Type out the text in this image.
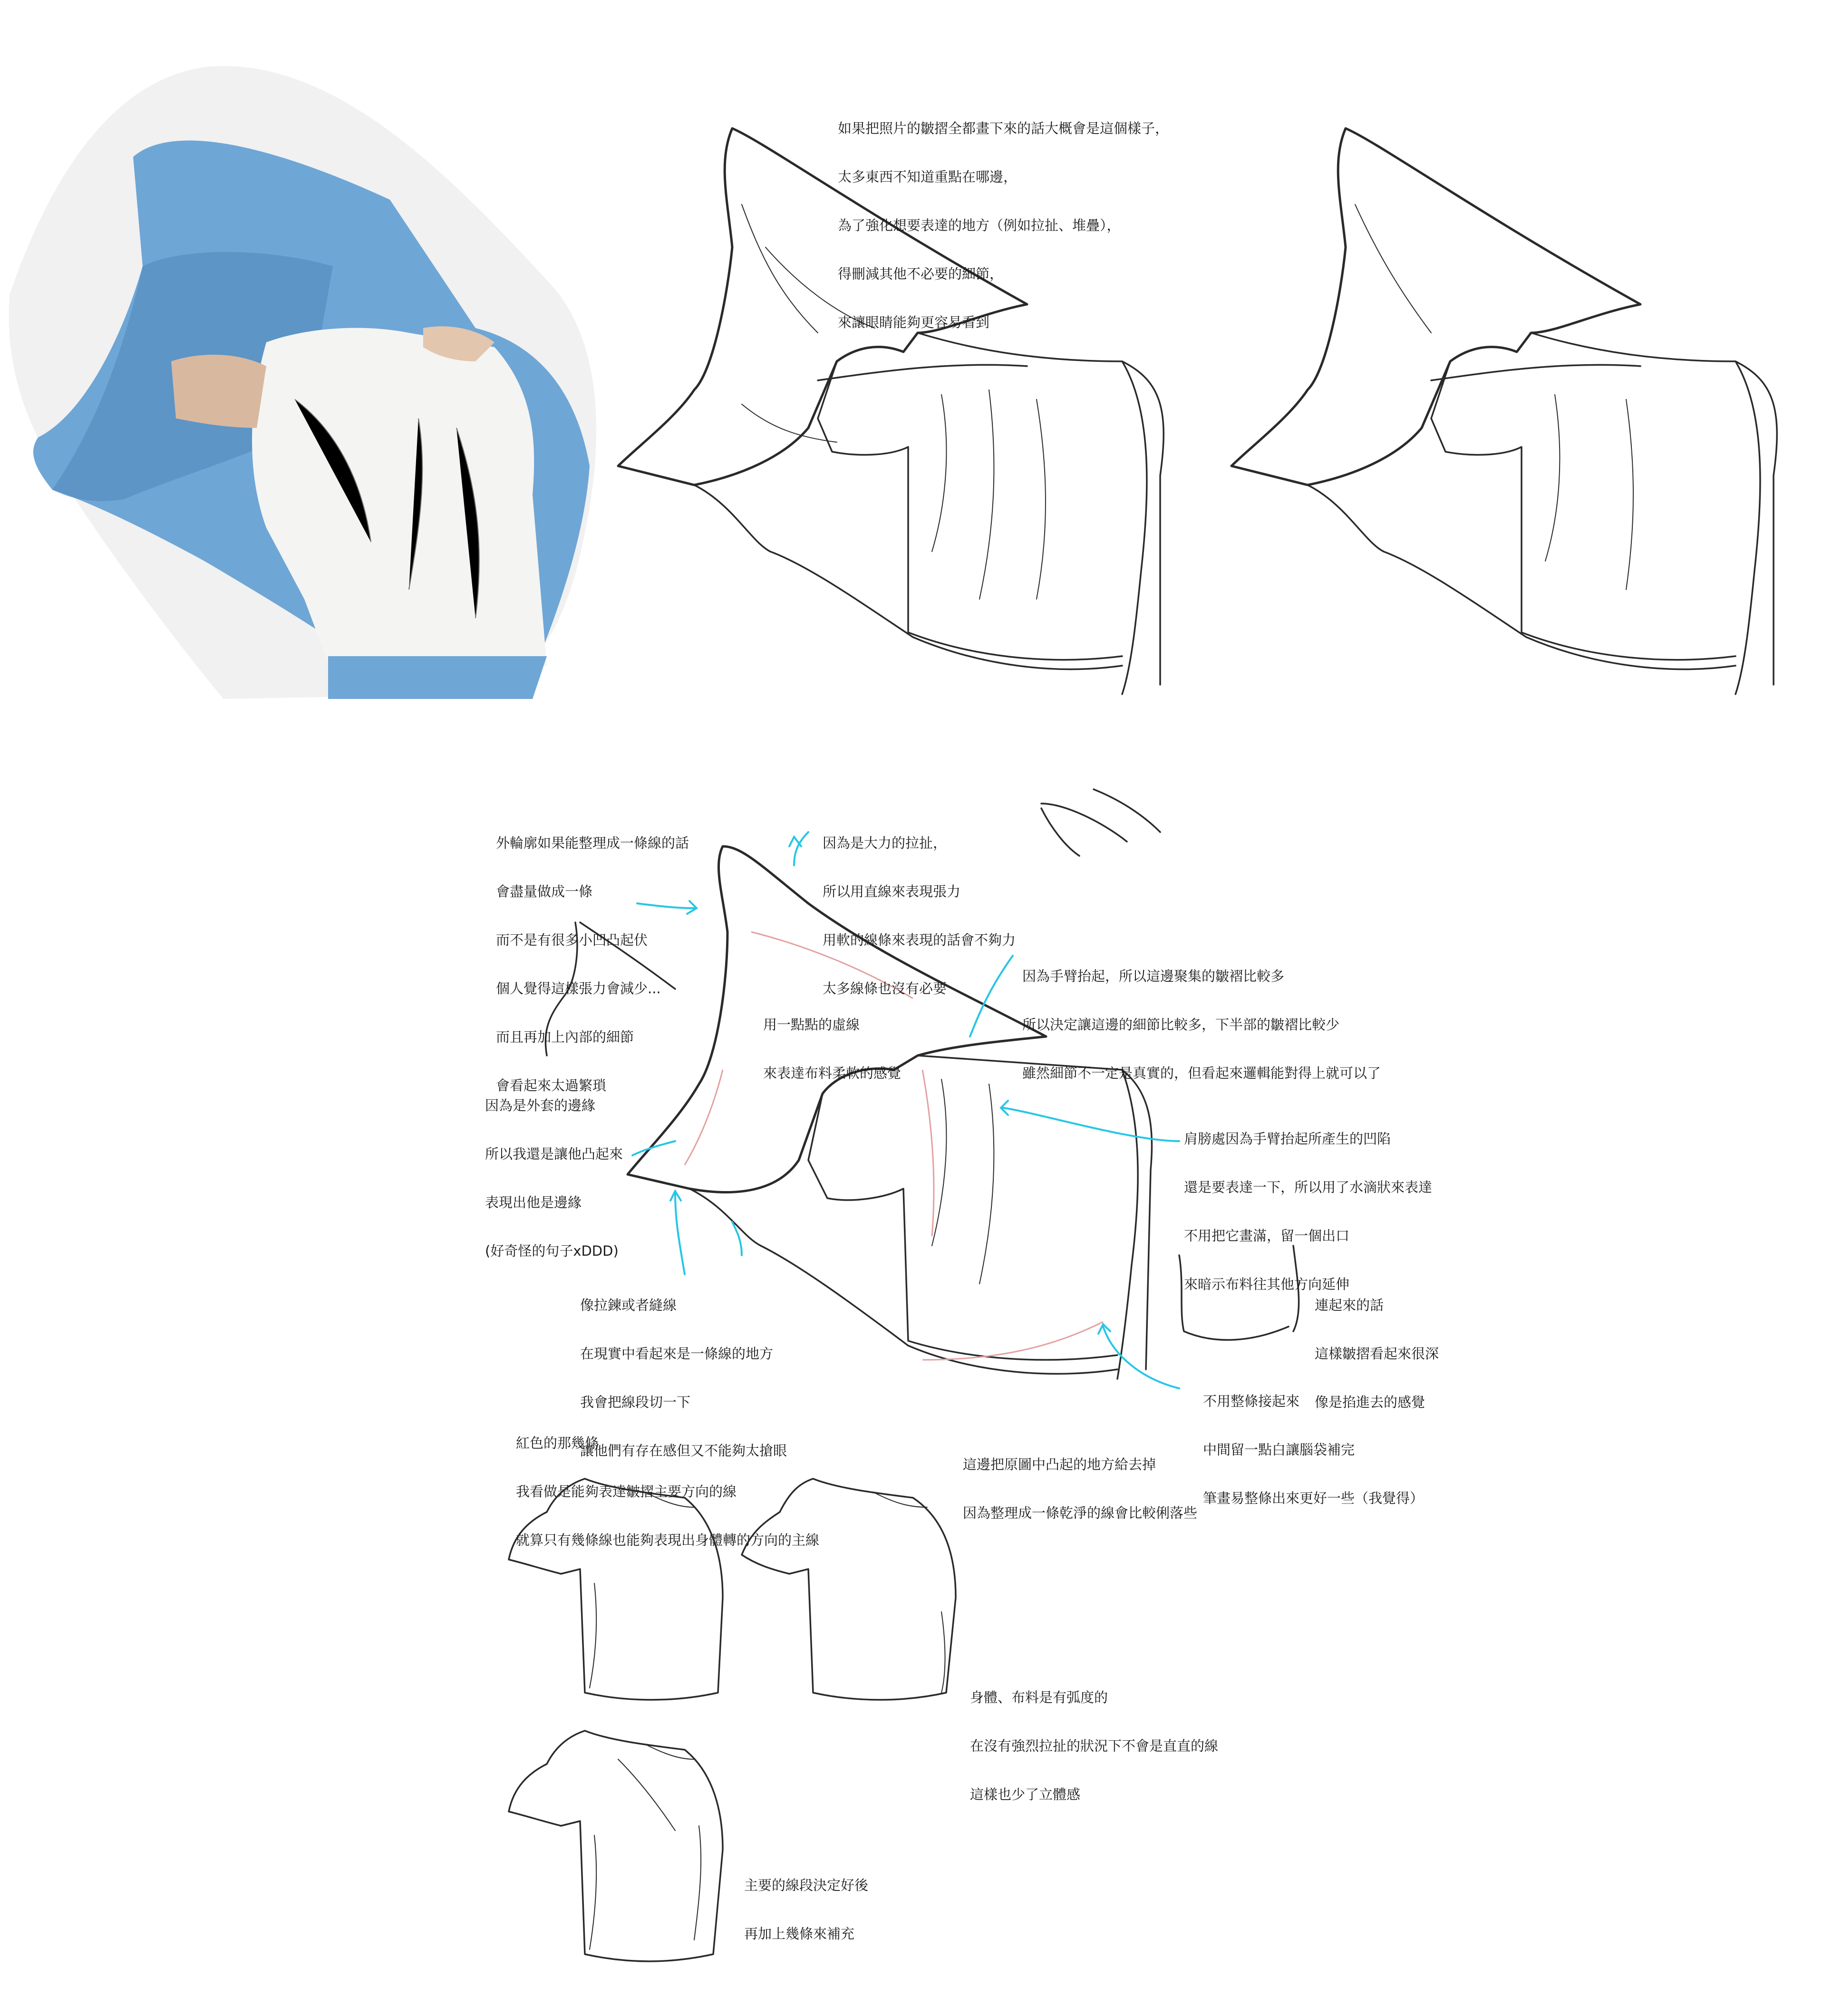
如果把照片的皺摺全都畫下來的話大概會是這個樣子，

太多東西不知道重點在哪邊，

為了強化想要表達的地方（例如拉扯、堆疊），

得刪減其他不必要的細節，

來讓眼睛能夠更容易看到

外輪廓如果能整理成一條線的話

會盡量做成一條

而不是有很多小凹凸起伏

個人覺得這樣張力會減少...

而且再加上內部的細節

會看起來太過繁瑣

因為是大力的拉扯，

所以用直線來表現張力

用軟的線條來表現的話會不夠力

太多線條也沒有必要

因為手臂抬起，所以這邊聚集的皺褶比較多

所以決定讓這邊的細節比較多，下半部的皺褶比較少

雖然細節不一定是真實的，但看起來邏輯能對得上就可以了

用一點點的虛線

來表達布料柔軟的感覺

因為是外套的邊緣

所以我還是讓他凸起來

表現出他是邊緣

(好奇怪的句子xDDD)

肩膀處因為手臂抬起所產生的凹陷

還是要表達一下，所以用了水滴狀來表達

不用把它畫滿，留一個出口

來暗示布料往其他方向延伸

像拉鍊或者縫線

在現實中看起來是一條線的地方

我會把線段切一下

讓他們有存在感但又不能夠太搶眼

連起來的話

這樣皺摺看起來很深

像是掐進去的感覺

不用整條接起來

中間留一點白讓腦袋補完

筆畫易整條出來更好一些（我覺得）

紅色的那幾條

我看做是能夠表達皺摺主要方向的線

就算只有幾條線也能夠表現出身體轉的方向的主線

這邊把原圖中凸起的地方給去掉

因為整理成一條乾淨的線會比較俐落些

身體、布料是有弧度的

在沒有強烈拉扯的狀況下不會是直直的線

這樣也少了立體感

主要的線段決定好後

再加上幾條來補充
